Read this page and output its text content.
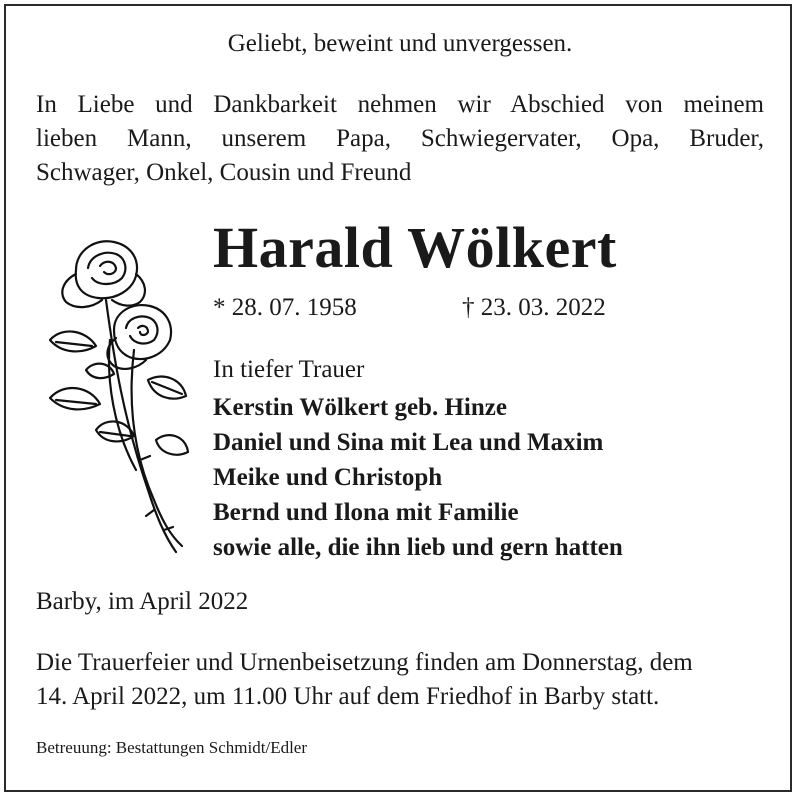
Geliebt, beweint und unvergessen.
In Liebe und Dankbarkeit nehmen wir Abschied von meinem
lieben Mann, unserem Papa, Schwiegervater, Opa, Bruder,
Schwager, Onkel, Cousin und Freund
Harald Wölkert
* 28. 07. 1958	† 23. 03. 2022
In tiefer Trauer
Kerstin Wölkert geb. Hinze
Daniel und Sina mit Lea und Maxim
Meike und Christoph
Bernd und Ilona mit Familie
sowie alle, die ihn lieb und gern hatten
Barby, im April 2022
Die Trauerfeier und Urnenbeisetzung finden am Donnerstag, dem
14. April 2022, um 11.00 Uhr auf dem Friedhof in Barby statt.
Betreuung: Bestattungen Schmidt/Edler
